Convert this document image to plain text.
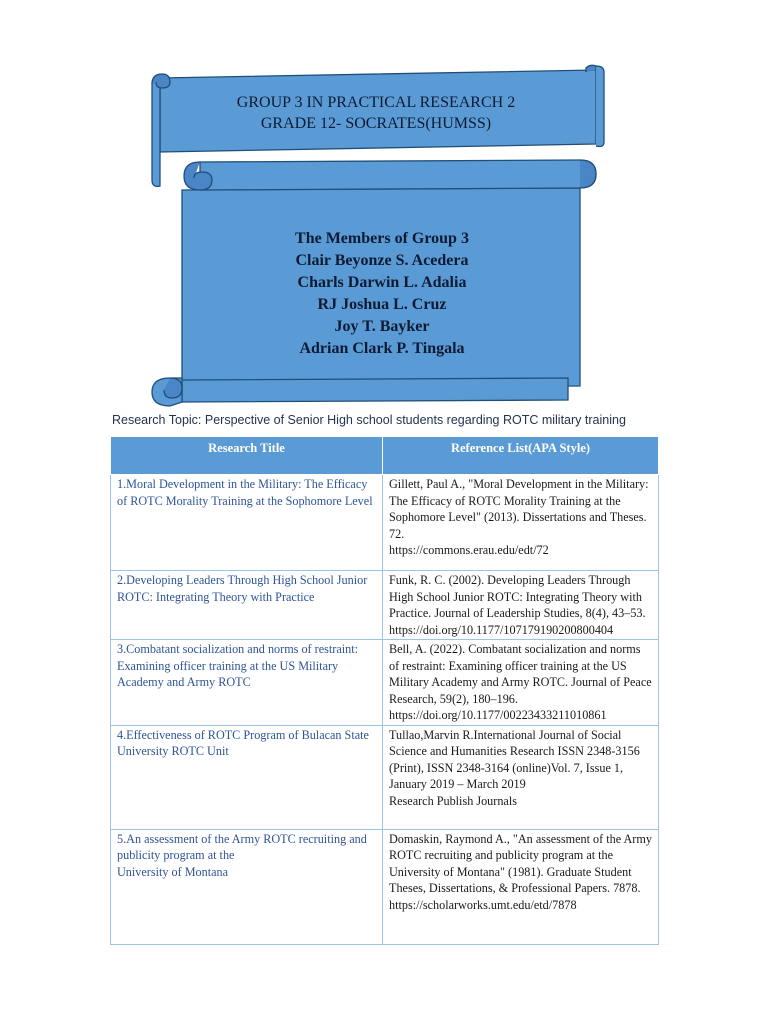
GROUP 3 IN PRACTICAL RESEARCH 2
GRADE 12- SOCRATES(HUMSS)
The Members of Group 3
Clair Beyonze S. Acedera
Charls Darwin L. Adalia
RJ Joshua L. Cruz
Joy T. Bayker
Adrian Clark P. Tingala
Research Topic: Perspective of Senior High school students regarding ROTC military training
Research Title	Reference List(APA Style)
1.Moral Development in the Military: The Efficacy of ROTC Morality Training at the Sophomore Level	Gillett, Paul A., "Moral Development in the Military: The Efficacy of ROTC Morality Training at the
Sophomore Level" (2013). Dissertations and Theses. 72.
https://commons.erau.edu/edt/72
2.Developing Leaders Through High School Junior ROTC: Integrating Theory with Practice	Funk, R. C. (2002). Developing Leaders Through High School Junior ROTC: Integrating Theory with Practice. Journal of Leadership Studies, 8(4), 43–53. https://doi.org/10.1177/107179190200800404
3.Combatant socialization and norms of restraint: Examining officer training at the US Military Academy and Army ROTC	Bell, A. (2022). Combatant socialization and norms of restraint: Examining officer training at the US Military Academy and Army ROTC. Journal of Peace Research, 59(2), 180–196. https://doi.org/10.1177/00223433211010861
4.Effectiveness of ROTC Program of Bulacan State University ROTC Unit	Tullao,Marvin R.International Journal of Social Science and Humanities Research ISSN 2348-3156 (Print), ISSN 2348-3164 (online)Vol. 7, Issue 1, January 2019 – March 2019
Research Publish Journals
5.An assessment of the Army ROTC recruiting and publicity program at the
University of Montana	Domaskin, Raymond A., "An assessment of the Army ROTC recruiting and publicity program at the
University of Montana" (1981). Graduate Student Theses, Dissertations, & Professional Papers. 7878.
https://scholarworks.umt.edu/etd/7878
